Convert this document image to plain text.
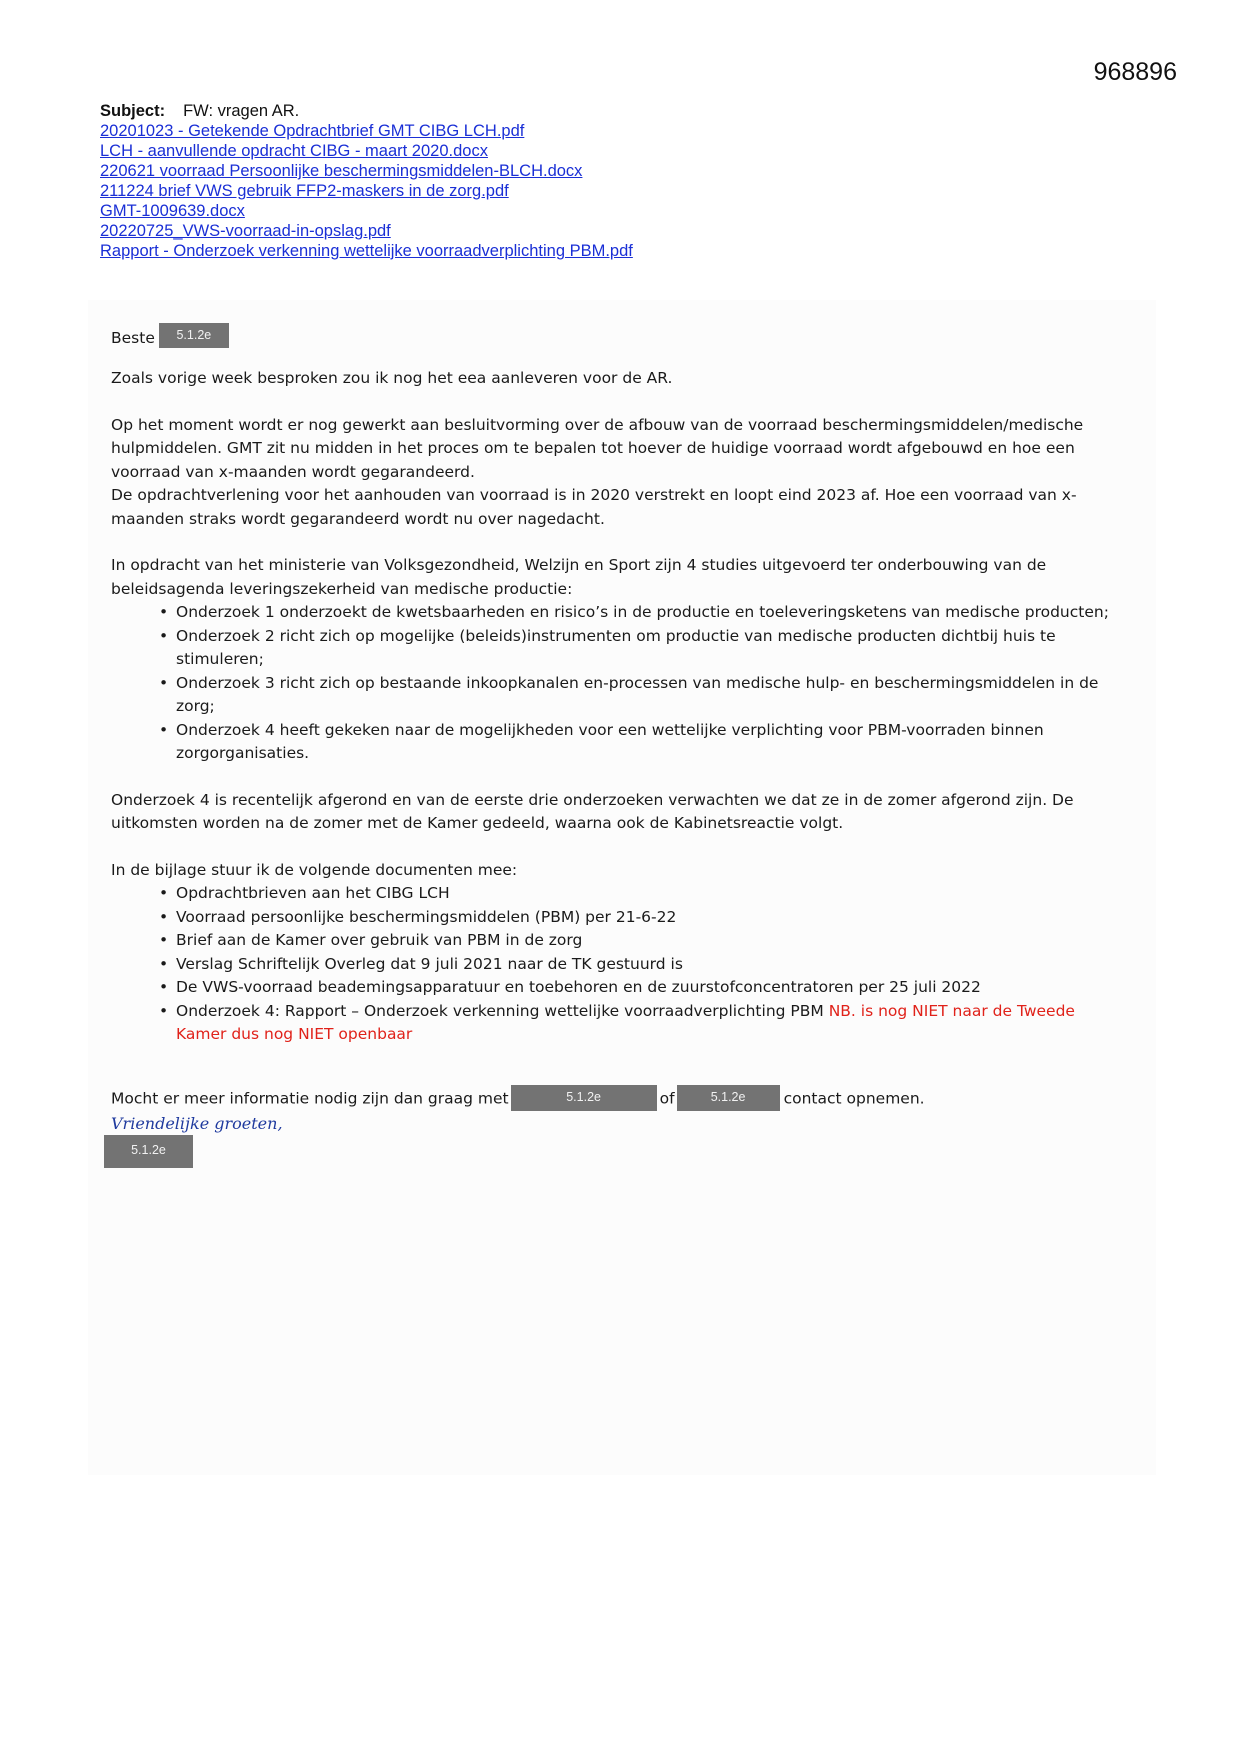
968896
Subject: FW: vragen AR.
20201023 - Getekende Opdrachtbrief GMT CIBG LCH.pdf
LCH - aanvullende opdracht CIBG - maart 2020.docx
220621 voorraad Persoonlijke beschermingsmiddelen-BLCH.docx
211224 brief VWS gebruik FFP2-maskers in de zorg.pdf
GMT-1009639.docx
20220725_VWS-voorraad-in-opslag.pdf
Rapport - Onderzoek verkenning wettelijke voorraadverplichting PBM.pdf

Beste 5.1.2e

Zoals vorige week besproken zou ik nog het eea aanleveren voor de AR.

Op het moment wordt er nog gewerkt aan besluitvorming over de afbouw van de voorraad beschermingsmiddelen/medische hulpmiddelen. GMT zit nu midden in het proces om te bepalen tot hoever de huidige voorraad wordt afgebouwd en hoe een voorraad van x-maanden wordt gegarandeerd.

De opdrachtverlening voor het aanhouden van voorraad is in 2020 verstrekt en loopt eind 2023 af. Hoe een voorraad van x-maanden straks wordt gegarandeerd wordt nu over nagedacht.

In opdracht van het ministerie van Volksgezondheid, Welzijn en Sport zijn 4 studies uitgevoerd ter onderbouwing van de beleidsagenda leveringszekerheid van medische productie:

• Onderzoek 1 onderzoekt de kwetsbaarheden en risico’s in de productie en toeleveringsketens van medische producten;
• Onderzoek 2 richt zich op mogelijke (beleids)instrumenten om productie van medische producten dichtbij huis te stimuleren;
• Onderzoek 3 richt zich op bestaande inkoopkanalen en-processen van medische hulp- en beschermingsmiddelen in de zorg;
• Onderzoek 4 heeft gekeken naar de mogelijkheden voor een wettelijke verplichting voor PBM-voorraden binnen zorgorganisaties.

Onderzoek 4 is recentelijk afgerond en van de eerste drie onderzoeken verwachten we dat ze in de zomer afgerond zijn. De uitkomsten worden na de zomer met de Kamer gedeeld, waarna ook de Kabinetsreactie volgt.

In de bijlage stuur ik de volgende documenten mee:

• Opdrachtbrieven aan het CIBG LCH
• Voorraad persoonlijke beschermingsmiddelen (PBM) per 21-6-22
• Brief aan de Kamer over gebruik van PBM in de zorg
• Verslag Schriftelijk Overleg dat 9 juli 2021 naar de TK gestuurd is
• De VWS-voorraad beademingsapparatuur en toebehoren en de zuurstofconcentratoren per 25 juli 2022
• Onderzoek 4: Rapport – Onderzoek verkenning wettelijke voorraadverplichting PBM NB. is nog NIET naar de Tweede Kamer dus nog NIET openbaar

Mocht er meer informatie nodig zijn dan graag met	5.1.2e	of	5.1.2e contact opnemen.

Vriendelijke groeten,

5.1.2e
